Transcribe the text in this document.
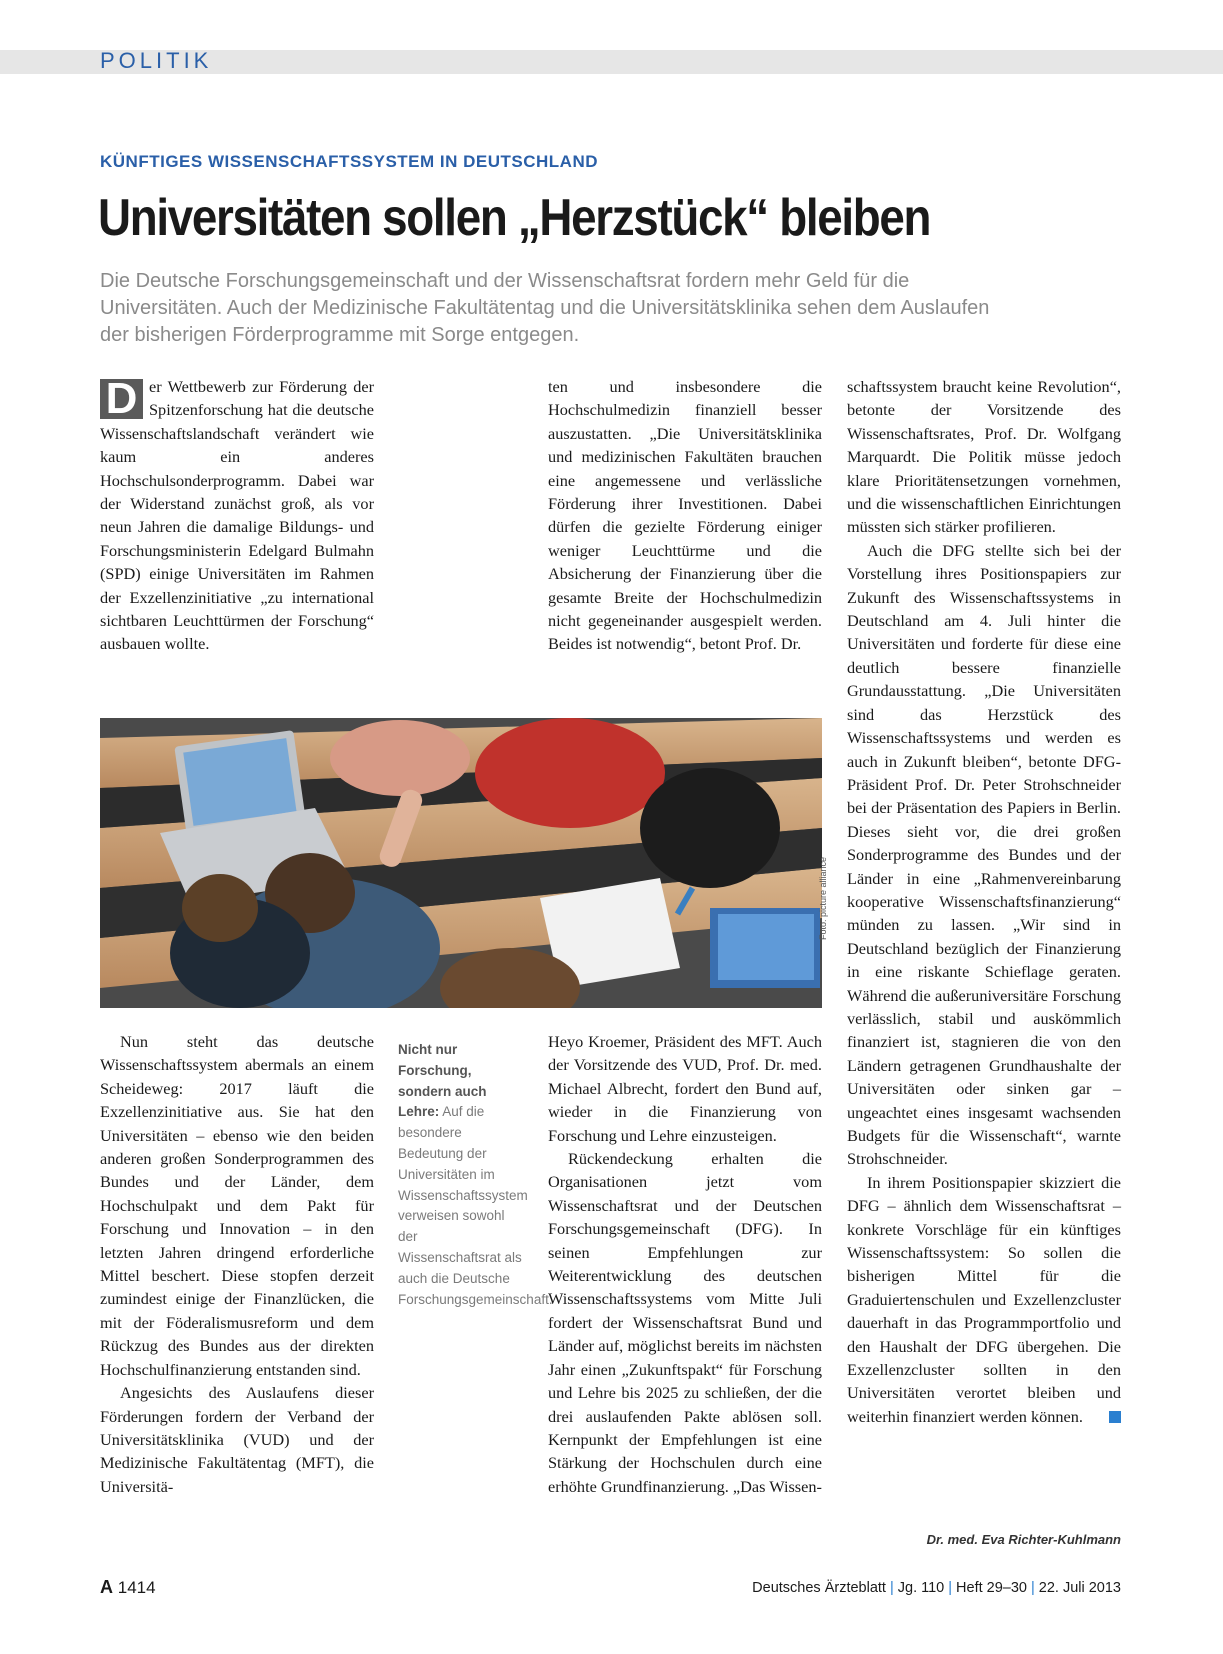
POLITIK
KÜNFTIGES WISSENSCHAFTSSYSTEM IN DEUTSCHLAND
Universitäten sollen „Herzstück“ bleiben
Die Deutsche Forschungsgemeinschaft und der Wissenschaftsrat fordern mehr Geld für die Universitäten. Auch der Medizinische Fakultätentag und die Universitätsklinika sehen dem Auslaufen der bisherigen Förderprogramme mit Sorge entgegen.

D er Wettbewerb zur Förderung der Spitzenforschung hat die deutsche Wissenschaftslandschaft verändert wie kaum ein anderes Hochschulsonderprogramm. Dabei war der Widerstand zunächst groß, als vor neun Jahren die damalige Bildungs- und Forschungsministerin Edelgard Bulmahn (SPD) einige Universitäten im Rahmen der Exzellenzinitiative „zu international sichtbaren Leuchttürmen der Forschung“ ausbauen wollte.

ten und insbesondere die Hochschulmedizin finanziell besser auszustatten. „Die Universitätsklinika und medizinischen Fakultäten brauchen eine angemessene und verlässliche Förderung ihrer Investitionen. Dabei dürfen die gezielte Förderung einiger weniger Leuchttürme und die Absicherung der Finanzierung über die gesamte Breite der Hochschulmedizin nicht gegeneinander ausgespielt werden. Beides ist notwendig“, betont Prof. Dr.

schaftssystem braucht keine Revolution“, betonte der Vorsitzende des Wissenschaftsrates, Prof. Dr. Wolfgang Marquardt. Die Politik müsse jedoch klare Prioritätensetzungen vornehmen, und die wissenschaftlichen Einrichtungen müssten sich stärker profilieren.

Auch die DFG stellte sich bei der Vorstellung ihres Positionspapiers zur Zukunft des Wissenschaftssystems in Deutschland am 4. Juli hinter die Universitäten und forderte für diese eine deutlich bessere finanzielle Grundausstattung. „Die Universitäten sind das Herzstück des Wissenschaftssystems und werden es auch in Zukunft bleiben“, betonte DFG-Präsident Prof. Dr. Peter Strohschneider bei der Präsentation des Papiers in Berlin. Dieses sieht vor, die drei großen Sonderprogramme des Bundes und der Länder in eine „Rahmenvereinbarung kooperative Wissenschaftsfinanzierung“ münden zu lassen. „Wir sind in Deutschland bezüglich der Finanzierung in eine riskante Schieflage geraten. Während die außeruniversitäre Forschung verlässlich, stabil und auskömmlich finanziert ist, stagnieren die von den Ländern getragenen Grundhaushalte der Universitäten oder sinken gar – ungeachtet eines insgesamt wachsenden Budgets für die Wissenschaft“, warnte Strohschneider.

In ihrem Positionspapier skizziert die DFG – ähnlich dem Wissenschaftsrat – konkrete Vorschläge für ein künftiges Wissenschaftssystem: So sollen die bisherigen Mittel für die Graduiertenschulen und Exzellenzcluster dauerhaft in das Programmportfolio und den Haushalt der DFG übergehen. Die Exzellenzcluster sollten in den Universitäten verortet bleiben und weiterhin finanziert werden können.

Foto: picture alliance

Nun steht das deutsche Wissenschaftssystem abermals an einem Scheideweg: 2017 läuft die Exzellenzinitiative aus. Sie hat den Universitäten – ebenso wie den beiden anderen großen Sonderprogrammen des Bundes und der Länder, dem Hochschulpakt und dem Pakt für Forschung und Innovation – in den letzten Jahren dringend erforderliche Mittel beschert. Diese stopfen derzeit zumindest einige der Finanzlücken, die mit der Föderalismusreform und dem Rückzug des Bundes aus der direkten Hochschulfinanzierung entstanden sind.

Angesichts des Auslaufens dieser Förderungen fordern der Verband der Universitätsklinika (VUD) und der Medizinische Fakultätentag (MFT), die Universitä-

Nicht nur Forschung, sondern auch Lehre: Auf die besondere Bedeutung der Universitäten im Wissenschaftssystem verweisen sowohl der Wissenschaftsrat als auch die Deutsche Forschungsgemeinschaft.

Heyo Kroemer, Präsident des MFT. Auch der Vorsitzende des VUD, Prof. Dr. med. Michael Albrecht, fordert den Bund auf, wieder in die Finanzierung von Forschung und Lehre einzusteigen.

Rückendeckung erhalten die Organisationen jetzt vom Wissenschaftsrat und der Deutschen Forschungsgemeinschaft (DFG). In seinen Empfehlungen zur Weiterentwicklung des deutschen Wissenschaftssystems vom Mitte Juli fordert der Wissenschaftsrat Bund und Länder auf, möglichst bereits im nächsten Jahr einen „Zukunftspakt“ für Forschung und Lehre bis 2025 zu schließen, der die drei auslaufenden Pakte ablösen soll. Kernpunkt der Empfehlungen ist eine Stärkung der Hochschulen durch eine erhöhte Grundfinanzierung. „Das Wissen-

Dr. med. Eva Richter-Kuhlmann
A 1414	Deutsches Ärzteblatt | Jg. 110 | Heft 29–30 | 22. Juli 2013
